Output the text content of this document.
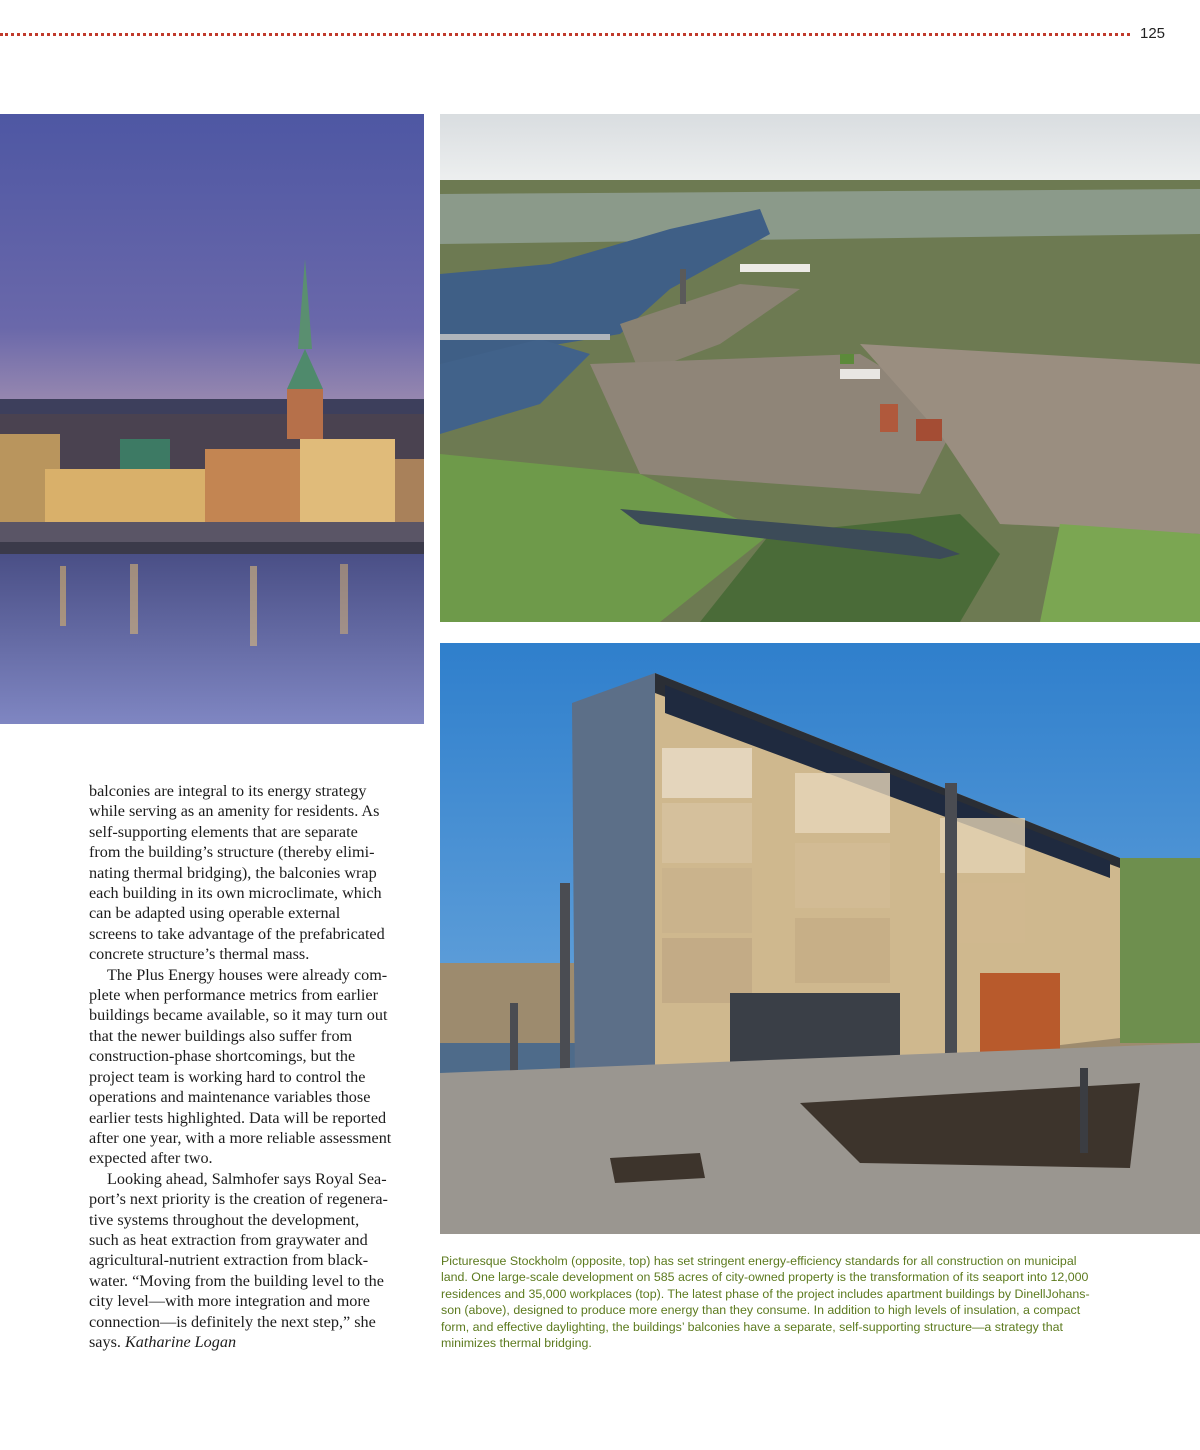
125

balconies are integral to its energy strategy
while serving as an amenity for residents. As
self-supporting elements that are separate
from the building’s structure (thereby elimi-
nating thermal bridging), the balconies wrap
each building in its own microclimate, which
can be adapted using operable external
screens to take advantage of the prefabricated
concrete structure’s thermal mass.

The Plus Energy houses were already com-
plete when performance metrics from earlier
buildings became available, so it may turn out
that the newer buildings also suffer from
construction-phase shortcomings, but the
project team is working hard to control the
operations and maintenance variables those
earlier tests highlighted. Data will be reported
after one year, with a more reliable assessment
expected after two.

Looking ahead, Salmhofer says Royal Sea-
port’s next priority is the creation of regenera-
tive systems throughout the development,
such as heat extraction from graywater and
agricultural-nutrient extraction from black-
water. “Moving from the building level to the
city level—with more integration and more
connection—is definitely the next step,” she
says. Katharine Logan

Picturesque Stockholm (opposite, top) has set stringent energy-efficiency standards for all construction on municipal
land. One large-scale development on 585 acres of city-owned property is the transformation of its seaport into 12,000
residences and 35,000 workplaces (top). The latest phase of the project includes apartment buildings by DinellJohans-
son (above), designed to produce more energy than they consume. In addition to high levels of insulation, a compact
form, and effective daylighting, the buildings’ balconies have a separate, self-supporting structure—a strategy that
minimizes thermal bridging.
